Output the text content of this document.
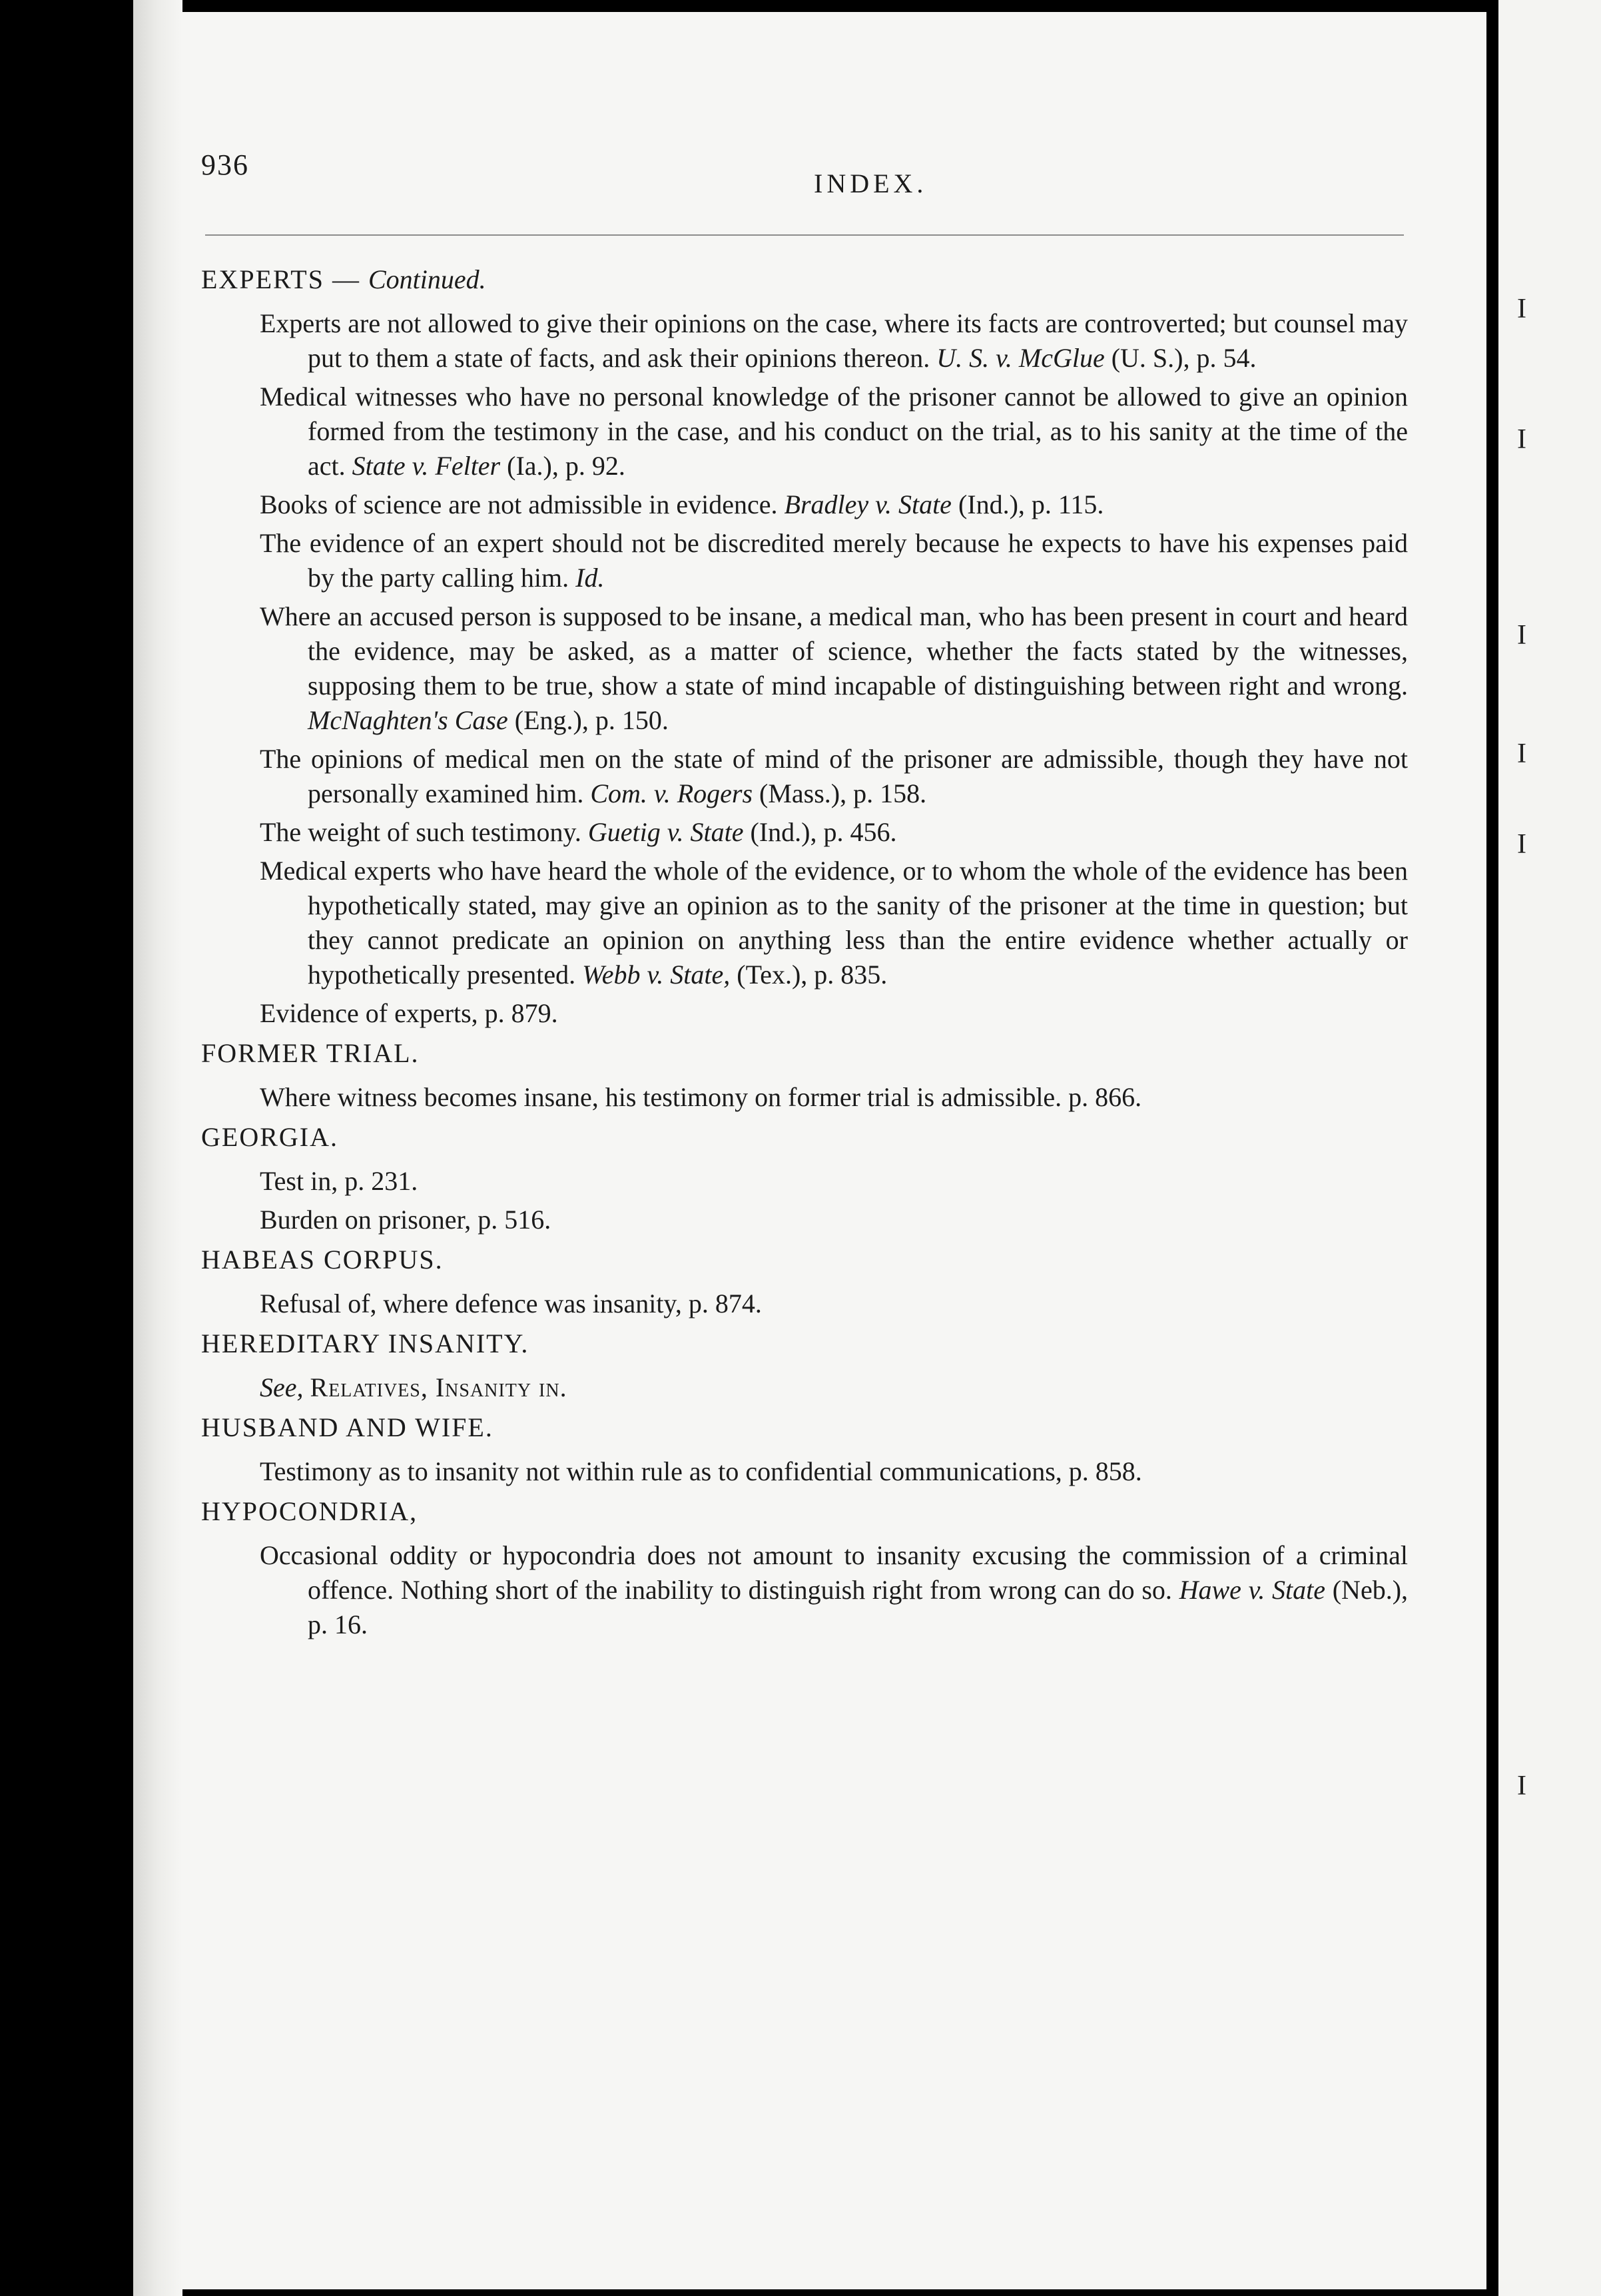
I
I
I
I
I
I
936
INDEX.
EXPERTS — Continued.
Experts are not allowed to give their opinions on the case, where its facts are controverted; but counsel may put to them a state of facts, and ask their opinions thereon. U. S. v. McGlue (U. S.), p. 54.
Medical witnesses who have no personal knowledge of the prisoner cannot be allowed to give an opinion formed from the testimony in the case, and his conduct on the trial, as to his sanity at the time of the act. State v. Felter (Ia.), p. 92.
Books of science are not admissible in evidence. Bradley v. State (Ind.), p. 115.
The evidence of an expert should not be discredited merely because he expects to have his expenses paid by the party calling him. Id.
Where an accused person is supposed to be insane, a medical man, who has been present in court and heard the evidence, may be asked, as a matter of science, whether the facts stated by the witnesses, supposing them to be true, show a state of mind incapable of distinguishing between right and wrong. McNaghten's Case (Eng.), p. 150.
The opinions of medical men on the state of mind of the prisoner are admissible, though they have not personally examined him. Com. v. Rogers (Mass.), p. 158.
The weight of such testimony. Guetig v. State (Ind.), p. 456.
Medical experts who have heard the whole of the evidence, or to whom the whole of the evidence has been hypothetically stated, may give an opinion as to the sanity of the prisoner at the time in question; but they cannot predicate an opinion on anything less than the entire evidence whether actually or hypothetically presented. Webb v. State, (Tex.), p. 835.
Evidence of experts, p. 879.
FORMER TRIAL.
Where witness becomes insane, his testimony on former trial is admissible. p. 866.
GEORGIA.
Test in, p. 231.
Burden on prisoner, p. 516.
HABEAS CORPUS.
Refusal of, where defence was insanity, p. 874.
HEREDITARY INSANITY.
See, Relatives, Insanity in.
HUSBAND AND WIFE.
Testimony as to insanity not within rule as to confidential communications, p. 858.
HYPOCONDRIA,
Occasional oddity or hypocondria does not amount to insanity excusing the commission of a criminal offence. Nothing short of the inability to distinguish right from wrong can do so. Hawe v. State (Neb.), p. 16.
